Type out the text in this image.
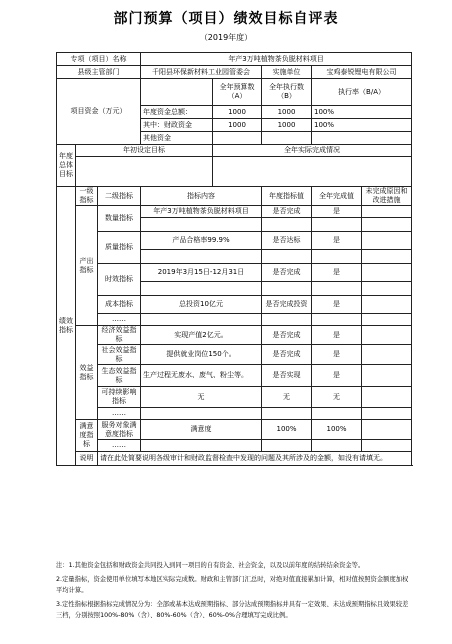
部门预算（项目）绩效目标自评表
（2019年度）
专项（项目）名称			年产3万吨植物茶负脱材料项目				
县级主管部门			千阳县环保新材料工业园管委会		实施单位	宝鸡泰锐锂电有限公司	
项目资金（万元）				全年预算数（A）	全年执行数（B）	执行率（B/A）	
			年度资金总额：	1000	1000	100%	
			其中：财政资金	1000	1000	100%	
			其他资金				
年度总体目标	年初设定目标			全年实际完成情况			

绩效指标	一级指标	二级指标	指标内容		年度指标值	全年完成值	未完成原因和改进措施
	产出指标	数量指标	年产3万吨植物茶负脱材料项目		是否完成	是	

		质量指标	产品合格率99.9%		是否达标	是	

		时效指标	2019年3月15日-12月31日		是否完成	是	

		成本指标	总投资10亿元		是否完成投资	是	
		……					
	效益指标	经济效益指标	实现产值2亿元。		是否完成	是	
		社会效益指标	提供就业岗位150个。		是否完成	是	
		生态效益指标	生产过程无废水、废气、粉尘等。		是否实现	是	
		可持续影响指标	无		无	无	
		……					
	满意度指标	服务对象满意度指标	满意度		100%	100%	
		……					
	说明	请在此处简要说明各级审计和财政监督检查中发现的问题及其所涉及的金额，如没有请填无。					

注：1.其他资金包括和财政资金共同投入到同一项目的自有资金、社会资金，以及以前年度的结转结余资金等。

2.定量指标，资金使用单位填写本地区实际完成数。财政和主管部门汇总时，对绝对值直接累加计算，相对值按照资金额度加权平均计算。

3.定性指标根据指标完成情况分为：全部或基本达成预期指标、部分达成预期指标并具有一定效果、未达成预期指标且效果较差三档，分别按照100%-80%（含）、80%-60%（含）、60%-0%合理填写完成比例。
